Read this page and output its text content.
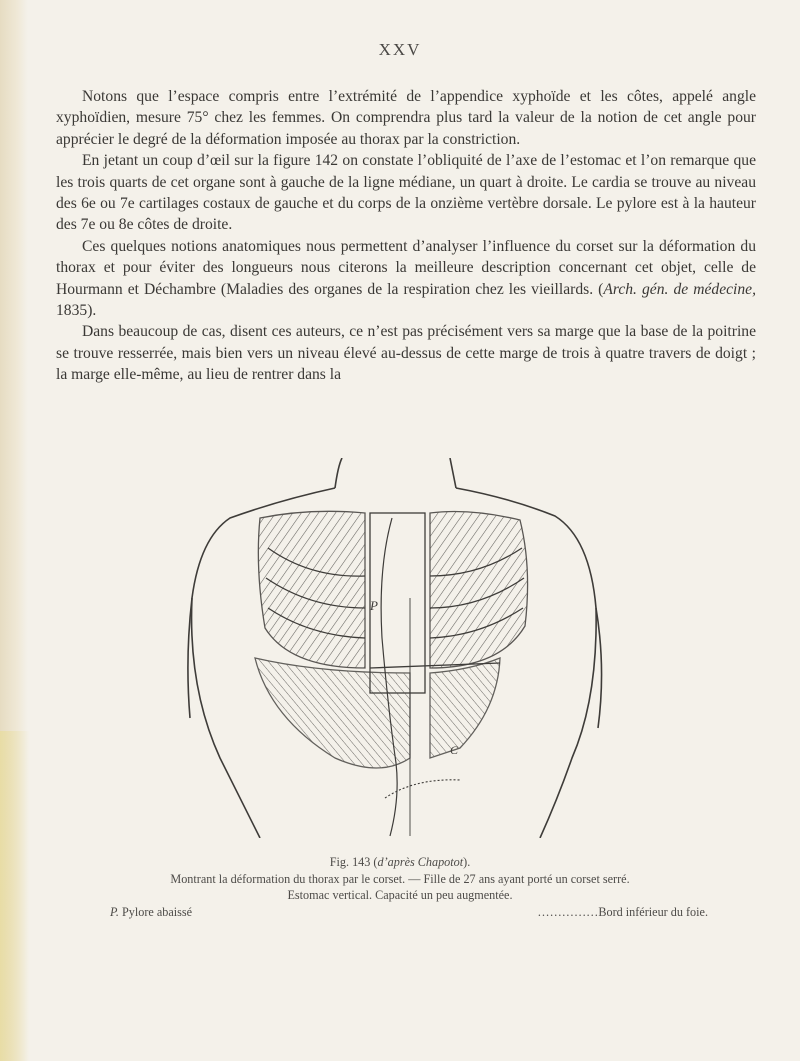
XXV

Notons que l’espace compris entre l’extrémité de l’appendice xyphoïde et les côtes, appelé angle xyphoïdien, mesure 75° chez les femmes. On comprendra plus tard la valeur de la notion de cet angle pour apprécier le degré de la déformation imposée au thorax par la constriction.

En jetant un coup d’œil sur la figure 142 on constate l’obliquité de l’axe de l’estomac et l’on remarque que les trois quarts de cet organe sont à gauche de la ligne médiane, un quart à droite. Le cardia se trouve au niveau des 6e ou 7e cartilages costaux de gauche et du corps de la onzième vertèbre dorsale. Le pylore est à la hauteur des 7e ou 8e côtes de droite.

Ces quelques notions anatomiques nous permettent d’analyser l’influence du corset sur la déformation du thorax et pour éviter des longueurs nous citerons la meilleure description concernant cet objet, celle de Hourmann et Déchambre (Maladies des organes de la respiration chez les vieillards. (Arch. gén. de médecine, 1835).

Dans beaucoup de cas, disent ces auteurs, ce n’est pas précisément vers sa marge que la base de la poitrine se trouve resserrée, mais bien vers un niveau élevé au-dessus de cette marge de trois à quatre travers de doigt ; la marge elle-même, au lieu de rentrer dans la

P
C
Fig. 143 (d’après Chapotot).
Montrant la déformation du thorax par le corset. — Fille de 27 ans ayant porté un corset serré.
Estomac vertical. Capacité un peu augmentée.
P. Pylore abaissé	……………Bord inférieur du foie.
